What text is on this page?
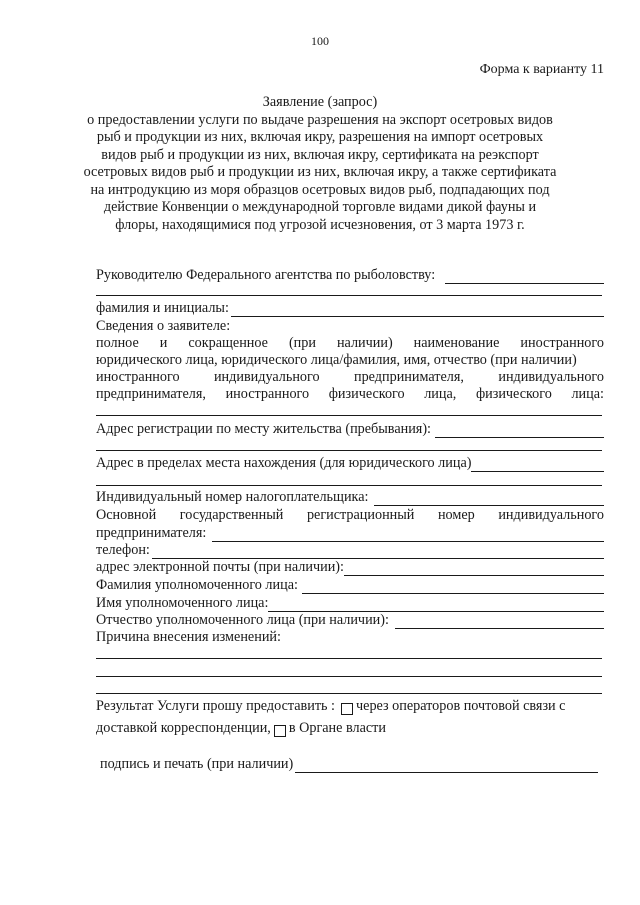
100
Форма к варианту 11
Заявление (запрос)
о предоставлении услуги по выдаче разрешения на экспорт осетровых видов
рыб и продукции из них, включая икру, разрешения на импорт осетровых
видов рыб и продукции из них, включая икру, сертификата на реэкспорт
осетровых видов рыб и продукции из них, включая икру, а также сертификата
на интродукцию из моря образцов осетровых видов рыб, подпадающих под
действие Конвенции о международной торговле видами дикой фауны и
флоры, находящимися под угрозой исчезновения, от 3 марта 1973 г.
Руководителю Федерального агентства по рыболовству:
фамилия и инициалы:
Сведения о заявителе:
полное и сокращенное (при наличии) наименование иностранного
юридического лица, юридического лица/фамилия, имя, отчество (при наличии)
иностранного индивидуального предпринимателя, индивидуального
предпринимателя, иностранного физического лица, физического лица:
Адрес регистрации по месту жительства (пребывания):
Адрес в пределах места нахождения (для юридического лица)
Индивидуальный номер налогоплательщика:
Основной государственный регистрационный номер индивидуального
предпринимателя:
телефон:
адрес электронной почты (при наличии):
Фамилия уполномоченного лица:
Имя уполномоченного лица:
Отчество уполномоченного лица (при наличии):
Причина внесения изменений:
Результат Услуги прошу предоставить : через операторов почтовой связи с
доставкой корреспонденции, в Органе власти
подпись и печать (при наличии)
